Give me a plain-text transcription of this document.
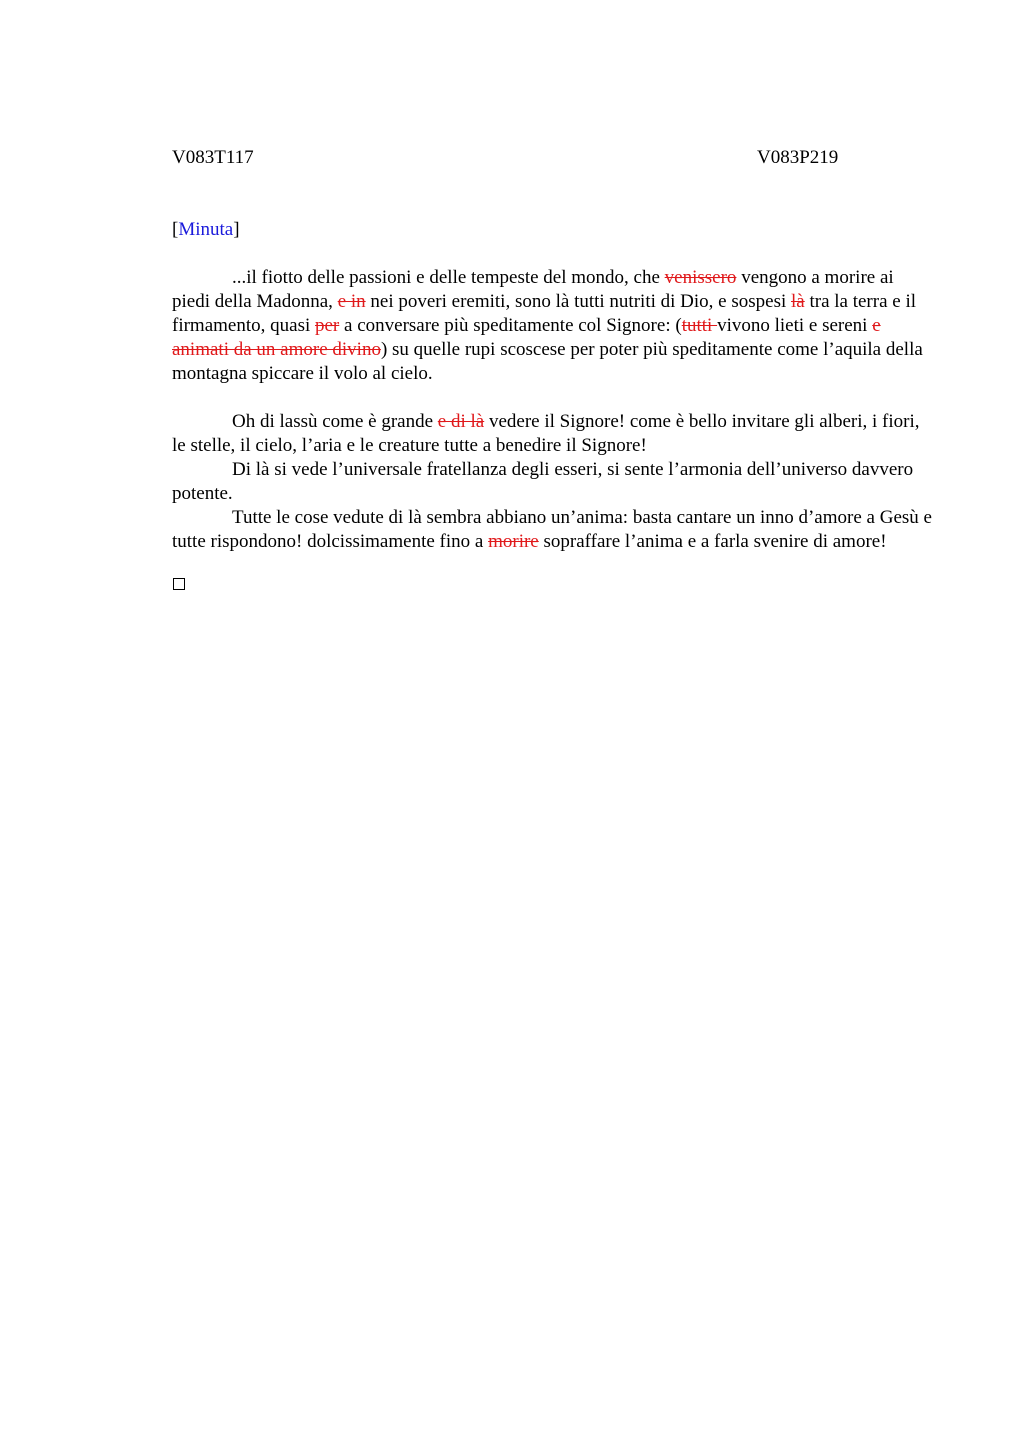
V083T117	V083P219
[Minuta]

...il fiotto delle passioni e delle tempeste del mondo, che venissero vengono a morire ai piedi della Madonna, e in nei poveri eremiti, sono là tutti nutriti di Dio, e sospesi là tra la terra e il firmamento, quasi per a conversare più speditamente col Signore: (tutti vivono lieti e sereni e animati da un amore divino) su quelle rupi scoscese per poter più speditamente come l’aquila della montagna spiccare il volo al cielo.

Oh di lassù come è grande e di là vedere il Signore! come è bello invitare gli alberi, i fiori, le stelle, il cielo, l’aria e le creature tutte a benedire il Signore!

Di là si vede l’universale fratellanza degli esseri, si sente l’armonia dell’universo davvero potente.

Tutte le cose vedute di là sembra abbiano un’anima: basta cantare un inno d’amore a Gesù e tutte rispondono! dolcissimamente fino a morire sopraffare l’anima e a farla svenire di amore!
